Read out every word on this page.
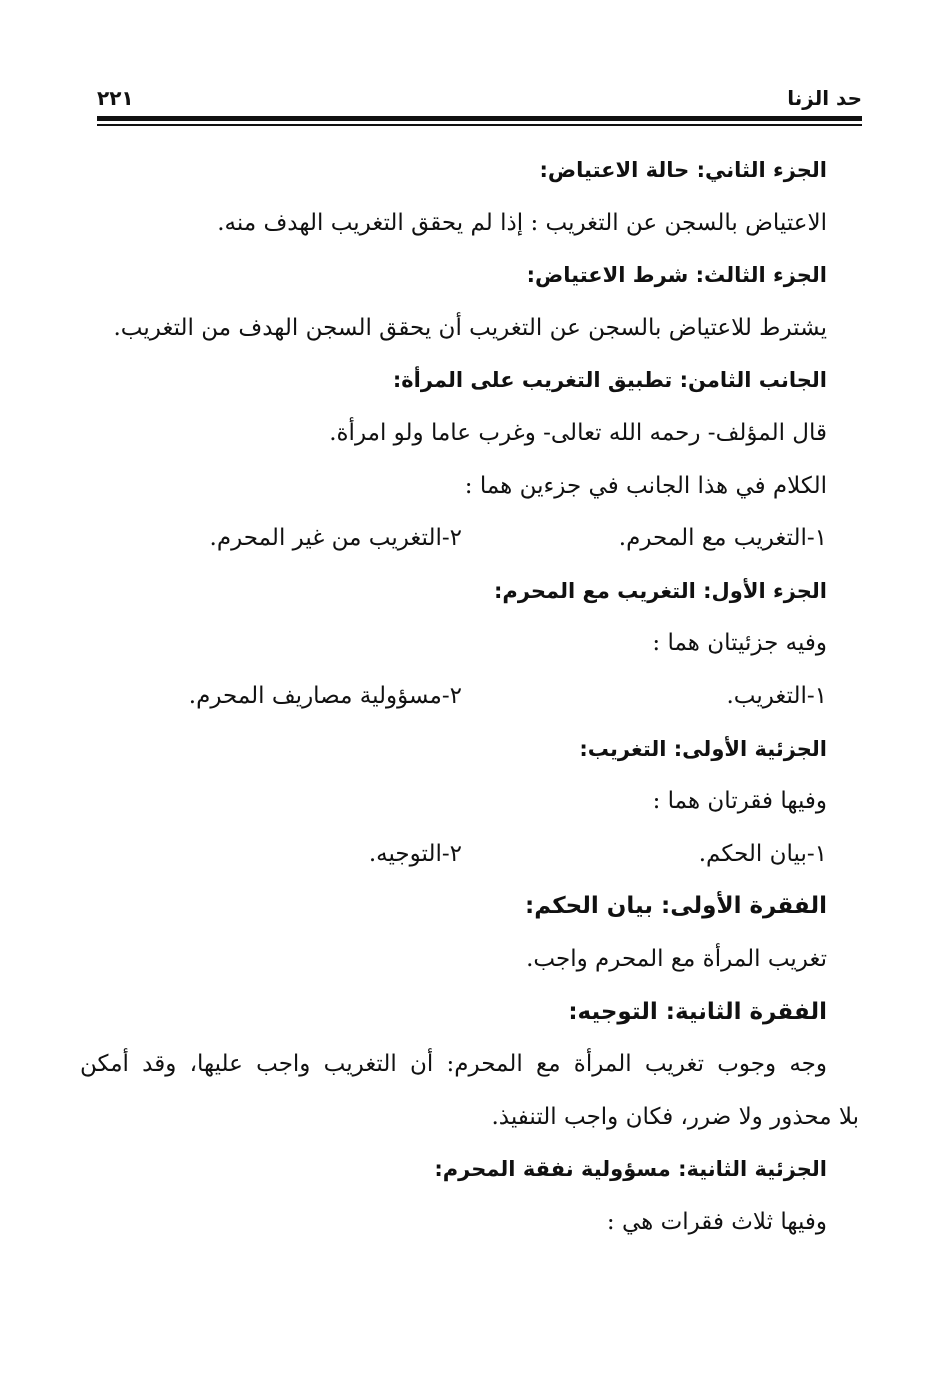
حد الزنا
٢٢١
الجزء الثاني: حالة الاعتياض:
الاعتياض بالسجن عن التغريب : إذا لم يحقق التغريب الهدف منه.
الجزء الثالث: شرط الاعتياض:
يشترط للاعتياض بالسجن عن التغريب أن يحقق السجن الهدف من التغريب.
الجانب الثامن: تطبيق التغريب على المرأة:
قال المؤلف- رحمه الله تعالى- وغرب عاما ولو امرأة.
الكلام في هذا الجانب في جزءين هما :
١-التغريب مع المحرم.
٢-التغريب من غير المحرم.
الجزء الأول: التغريب مع المحرم:
وفيه جزئيتان هما :
١-التغريب.
٢-مسؤولية مصاريف المحرم.
الجزئية الأولى: التغريب:
وفيها فقرتان هما :
١-بيان الحكم.
٢-التوجيه.
الفقرة الأولى: بيان الحكم:
تغريب المرأة مع المحرم واجب.
الفقرة الثانية: التوجيه:
وجه وجوب تغريب المرأة مع المحرم: أن التغريب واجب عليها، وقد أمكن
بلا محذور ولا ضرر، فكان واجب التنفيذ.
الجزئية الثانية: مسؤولية نفقة المحرم:
وفيها ثلاث فقرات هي :
